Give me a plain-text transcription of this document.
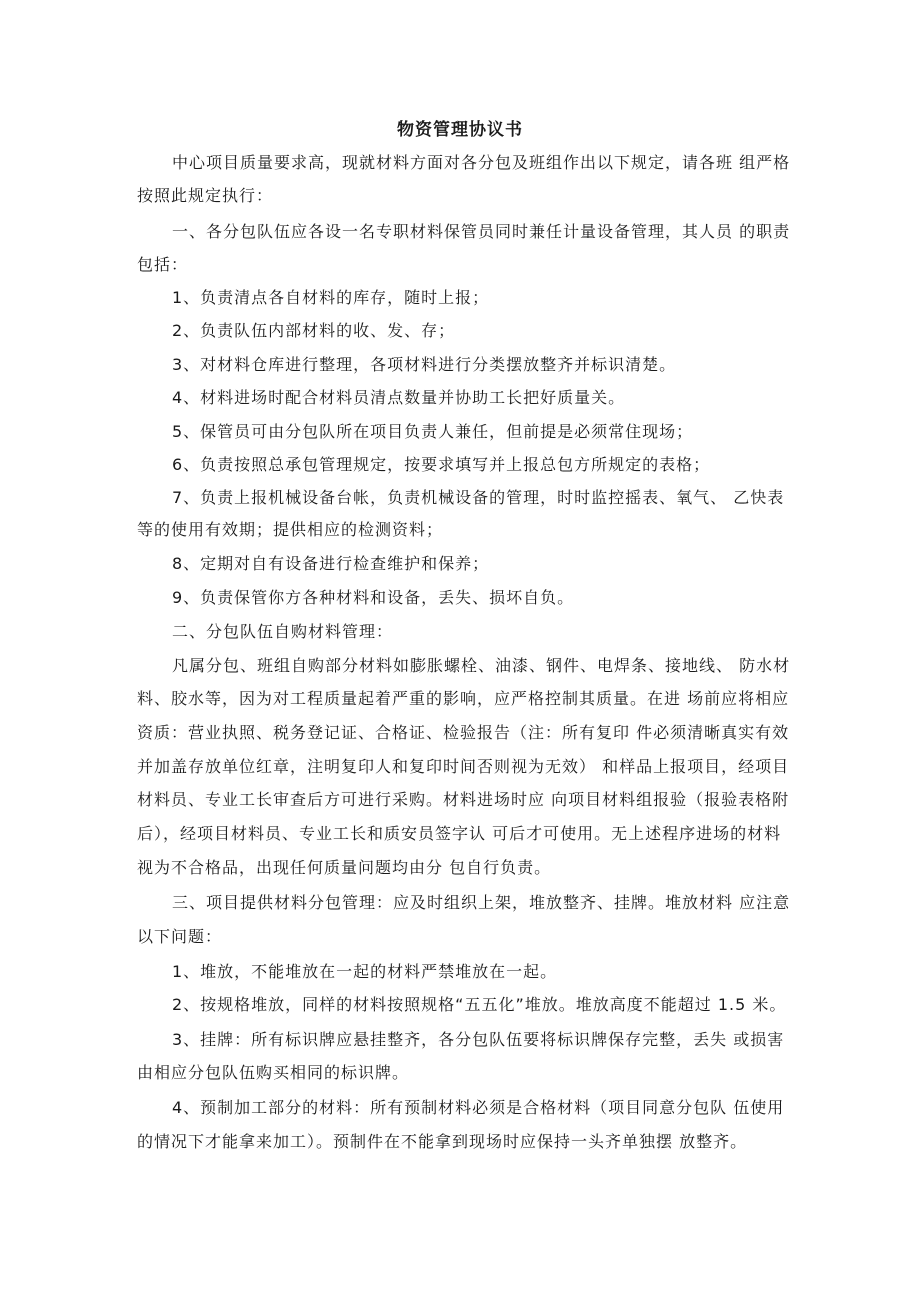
物资管理协议书
中心项目质量要求高，现就材料方面对各分包及班组作出以下规定，请各班 组严格
按照此规定执行：
一、各分包队伍应各设一名专职材料保管员同时兼任计量设备管理，其人员 的职责
包括：
1、负责清点各自材料的库存，随时上报；
2、负责队伍内部材料的收、发、存；
3、对材料仓库进行整理，各项材料进行分类摆放整齐并标识清楚。
4、材料进场时配合材料员清点数量并协助工长把好质量关。
5、保管员可由分包队所在项目负责人兼任，但前提是必须常住现场；
6、负责按照总承包管理规定，按要求填写并上报总包方所规定的表格；
7、负责上报机械设备台帐，负责机械设备的管理，时时监控摇表、氧气、 乙快表
等的使用有效期；提供相应的检测资料；
8、定期对自有设备进行检查维护和保养；
9、负责保管你方各种材料和设备，丢失、损坏自负。
二、分包队伍自购材料管理：
凡属分包、班组自购部分材料如膨胀螺栓、油漆、钢件、电焊条、接地线、 防水材
料、胶水等，因为对工程质量起着严重的影响，应严格控制其质量。在进 场前应将相应
资质：营业执照、税务登记证、合格证、检验报告（注：所有复印 件必须清晰真实有效
并加盖存放单位红章，注明复印人和复印时间否则视为无效） 和样品上报项目，经项目
材料员、专业工长审查后方可进行采购。材料进场时应 向项目材料组报验（报验表格附
后），经项目材料员、专业工长和质安员签字认 可后才可使用。无上述程序进场的材料
视为不合格品，出现任何质量问题均由分 包自行负责。
三、项目提供材料分包管理：应及时组织上架，堆放整齐、挂牌。堆放材料 应注意
以下问题：
1、堆放，不能堆放在一起的材料严禁堆放在一起。
2、按规格堆放，同样的材料按照规格“五五化”堆放。堆放高度不能超过 1.5 米。
3、挂牌：所有标识牌应悬挂整齐，各分包队伍要将标识牌保存完整，丢失 或损害
由相应分包队伍购买相同的标识牌。
4、预制加工部分的材料：所有预制材料必须是合格材料（项目同意分包队 伍使用
的情况下才能拿来加工）。预制件在不能拿到现场时应保持一头齐单独摆 放整齐。
